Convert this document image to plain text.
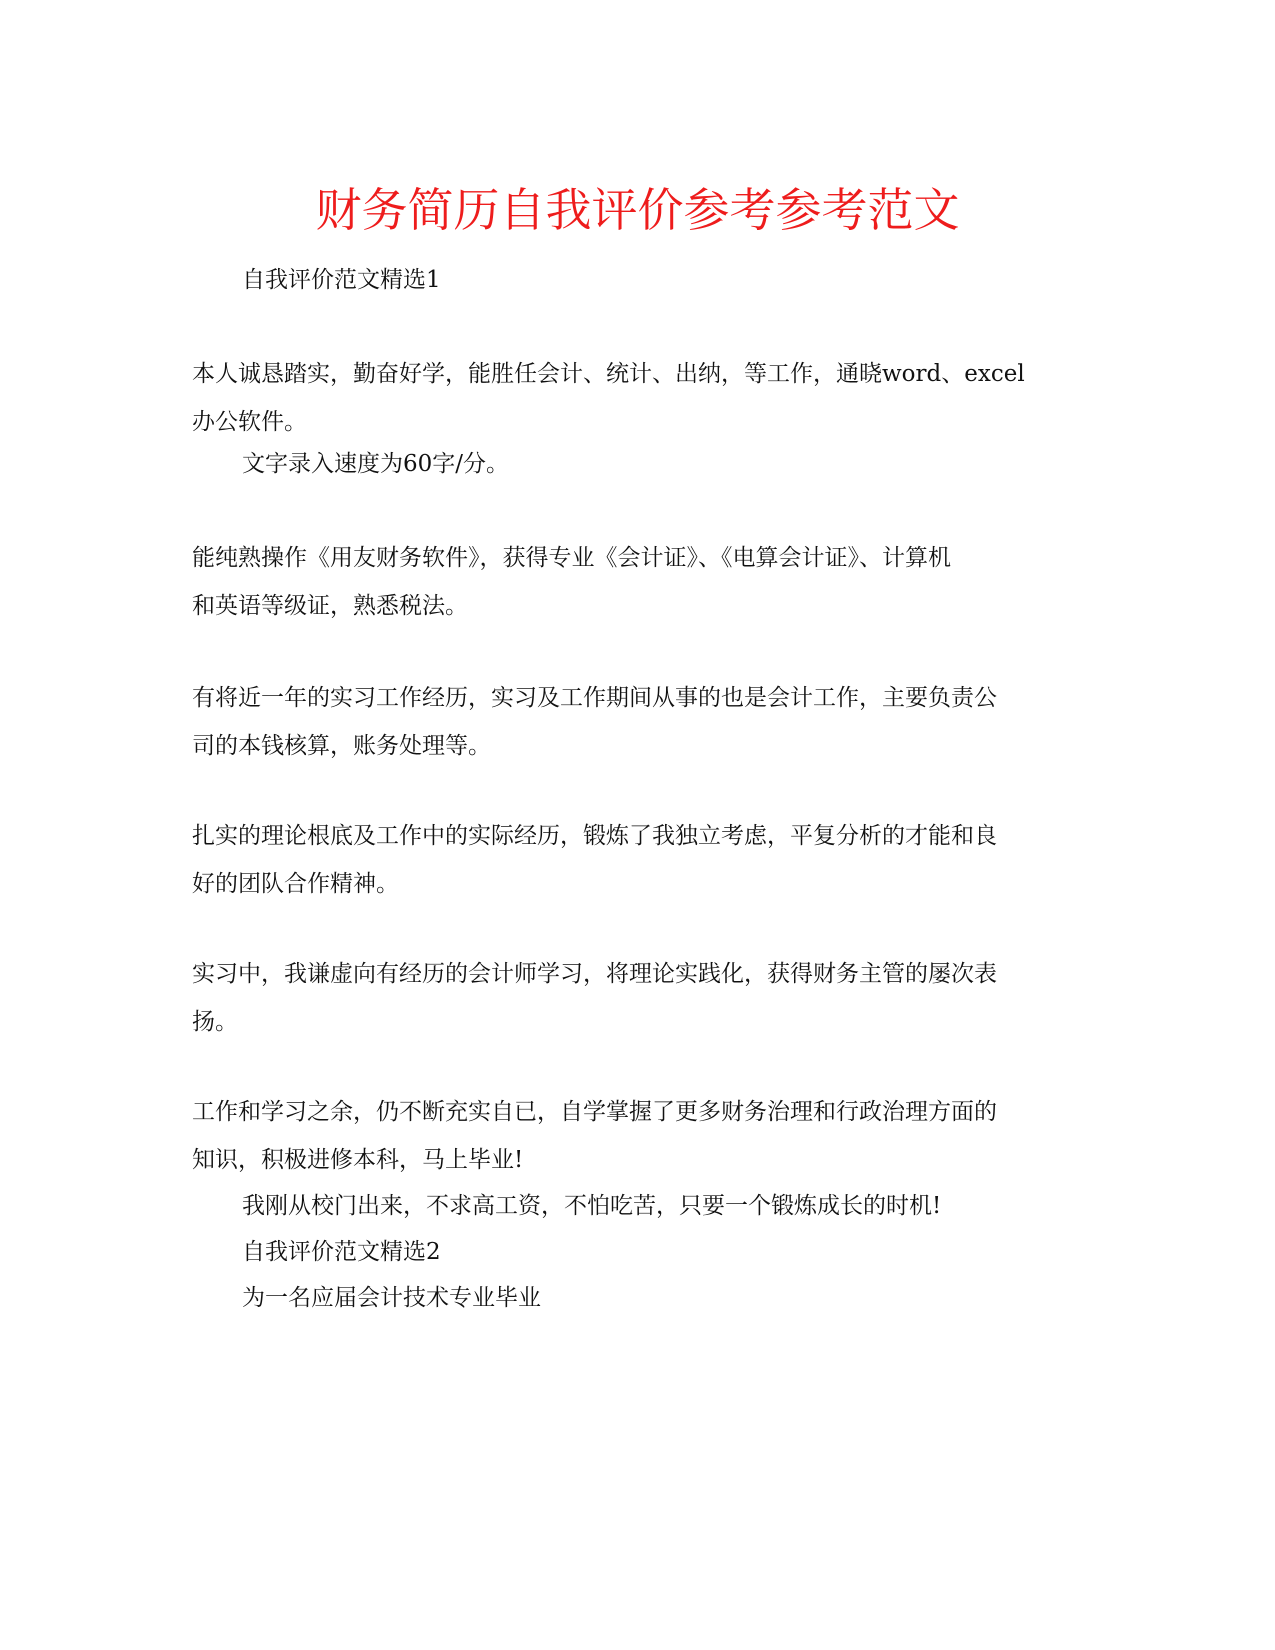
财务简历自我评价参考参考范文

自我评价范文精选1

本人诚恳踏实，勤奋好学，能胜任会计、统计、出纳，等工作，通晓word、excel
办公软件。

文字录入速度为60字/分。

能纯熟操作《用友财务软件》，获得专业《会计证》、《电算会计证》、计算机
和英语等级证，熟悉税法。

有将近一年的实习工作经历，实习及工作期间从事的也是会计工作，主要负责公
司的本钱核算，账务处理等。

扎实的理论根底及工作中的实际经历，锻炼了我独立考虑，平复分析的才能和良
好的团队合作精神。

实习中，我谦虚向有经历的会计师学习，将理论实践化，获得财务主管的屡次表
扬。

工作和学习之余，仍不断充实自已，自学掌握了更多财务治理和行政治理方面的
知识，积极进修本科，马上毕业!

我刚从校门出来，不求高工资，不怕吃苦，只要一个锻炼成长的时机!

自我评价范文精选2

为一名应届会计技术专业毕业
